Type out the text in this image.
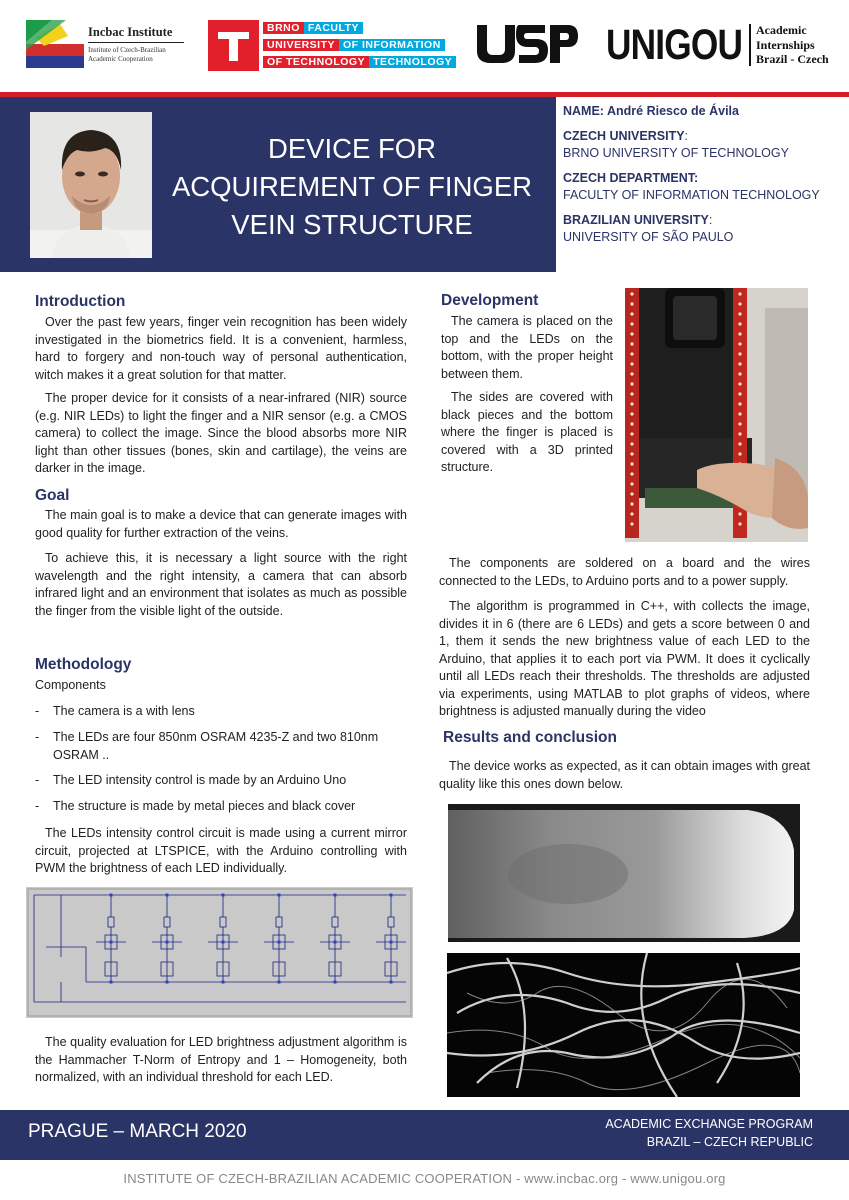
Incbac Institute
Institute of Czech-Brazilian Academic Cooperation
BRNO FACULTY
UNIVERSITY OF INFORMATION
OF TECHNOLOGY TECHNOLOGY	UNIGOU Academic
Internships
Brazil - Czech
DEVICE FOR
ACQUIREMENT OF FINGER
VEIN STRUCTURE
NAME: André Riesco de Ávila
CZECH UNIVERSITY:
BRNO UNIVERSITY OF TECHNOLOGY
CZECH DEPARTMENT:
FACULTY OF INFORMATION TECHNOLOGY
BRAZILIAN UNIVERSITY:
UNIVERSITY OF SÃO PAULO
Introduction
Over the past few years, finger vein recognition has been widely investigated in the biometrics field. It is a convenient, harmless, hard to forgery and non-touch way of personal authentication, witch makes it a great solution for that matter.
The proper device for it consists of a near-infrared (NIR) source (e.g. NIR LEDs) to light the finger and a NIR sensor (e.g. a CMOS camera) to collect the image. Since the blood absorbs more NIR light than other tissues (bones, skin and cartilage), the veins are darker in the image.
Goal
The main goal is to make a device that can generate images with good quality for further extraction of the veins.
To achieve this, it is necessary a light source with the right wavelength and the right intensity, a camera that can absorb infrared light and an environment that isolates as much as possible the finger from the visible light of the outside.
Methodology
Components
- The camera is a with lens
- The LEDs are four 850nm OSRAM 4235-Z and two 810nm OSRAM ..
- The LED intensity control is made by an Arduino Uno
- The structure is made by metal pieces and black cover
The LEDs intensity control circuit is made using a current mirror circuit, projected at LTSPICE, with the Arduino controlling with PWM the brightness of each LED individually.
The quality evaluation for LED brightness adjustment algorithm is the Hammacher T-Norm of Entropy and 1 – Homogeneity, both normalized, with an individual threshold for each LED.
Development
The camera is placed on the top and the LEDs on the bottom, with the proper height between them.
The sides are covered with black pieces and the bottom where the finger is placed is covered with a 3D printed structure.
The components are soldered on a board and the wires connected to the LEDs, to Arduino ports and to a power supply.
The algorithm is programmed in C++, with collects the image, divides it in 6 (there are 6 LEDs) and gets a score between 0 and 1, them it sends the new brightness value of each LED to the Arduino, that applies it to each port via PWM. It does it cyclically until all LEDs reach their thresholds. The thresholds are adjusted via experiments, using MATLAB to plot graphs of videos, where brightness is adjusted manually during the video
Results and conclusion
The device works as expected, as it can obtain images with great quality like this ones down below.
PRAGUE – MARCH 2020	ACADEMIC EXCHANGE PROGRAM
BRAZIL – CZECH REPUBLIC
INSTITUTE OF CZECH-BRAZILIAN ACADEMIC COOPERATION - www.incbac.org - www.unigou.org
